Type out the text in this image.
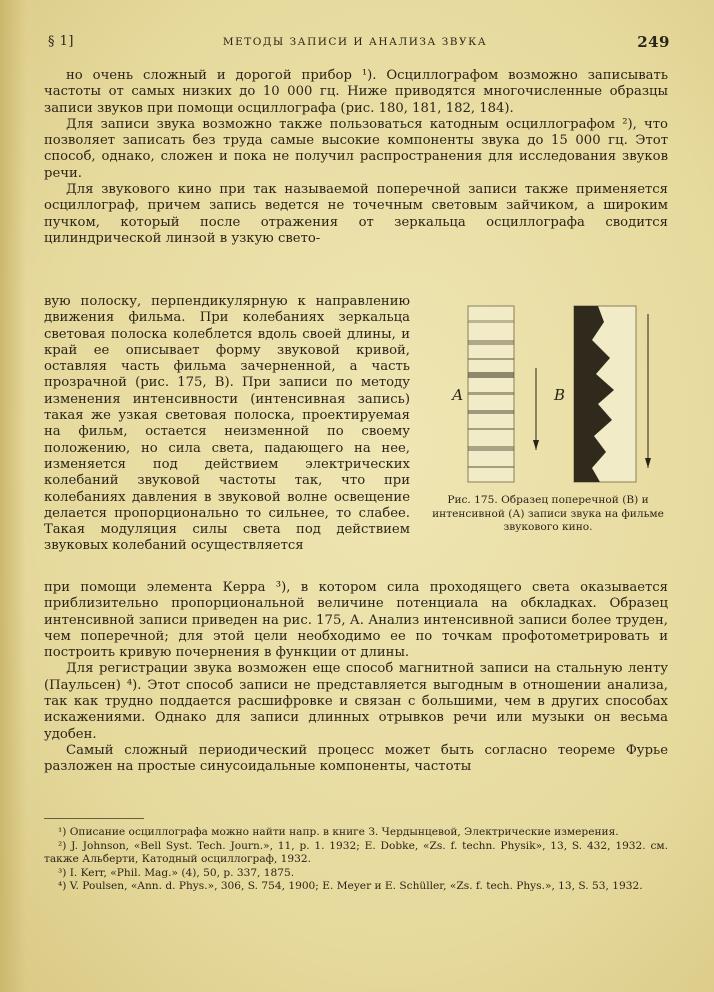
§ 1]	МЕТОДЫ ЗАПИСИ И АНАЛИЗА ЗВУКА	249

но очень сложный и дорогой прибор ¹). Осциллографом возможно записывать частоты от самых низких до 10 000 гц. Ниже приводятся многочисленные образцы записи звуков при помощи осциллографа (рис. 180, 181, 182, 184).

Для записи звука возможно также пользоваться катодным осциллографом ²), что позволяет записать без труда самые высокие компоненты звука до 15 000 гц. Этот способ, однако, сложен и пока не получил распространения для исследования звуков речи.

Для звукового кино при так называемой поперечной записи также применяется осциллограф, причем запись ведется не точечным световым зайчиком, а широким пучком, который после отражения от зеркальца осциллографа сводится цилиндрической линзой в узкую свето-

вую полоску, перпендикулярную к направлению движения фильма. При колебаниях зеркальца световая полоска колеблется вдоль своей длины, и край ее описывает форму звуковой кривой, оставляя часть фильма зачерненной, а часть прозрачной (рис. 175, В). При записи по методу изменения интенсивности (интенсивная запись) такая же узкая световая полоска, проектируемая на фильм, остается неизменной по своему положению, но сила света, падающего на нее, изменяется под действием электрических колебаний звуковой частоты так, что при колебаниях давления в звуковой волне освещение делается пропорционально то сильнее, то слабее. Такая модуляция силы света под действием звуковых колебаний осуществляется

А	В
Рис. 175. Образец поперечной (В) и интенсивной (А) записи звука на фильме звукового кино.

при помощи элемента Керра ³), в котором сила проходящего света оказывается приблизительно пропорциональной величине потенциала на обкладках. Образец интенсивной записи приведен на рис. 175, А. Анализ интенсивной записи более труден, чем поперечной; для этой цели необходимо ее по точкам профотометрировать и построить кривую почернения в функции от длины.

Для регистрации звука возможен еще способ магнитной записи на стальную ленту (Паульсен) ⁴). Этот способ записи не представляется выгодным в отношении анализа, так как трудно поддается расшифровке и связан с большими, чем в других способах искажениями. Однако для записи длинных отрывков речи или музыки он весьма удобен.

Самый сложный периодический процесс может быть согласно теореме Фурье разложен на простые синусоидальные компоненты, частоты

¹) Описание осциллографа можно найти напр. в книге З. Чердынцевой, Электрические измерения.

²) J. Johnson, «Bell Syst. Tech. Journ.», 11, p. 1. 1932; E. Dobke, «Zs. f. techn. Physik», 13, S. 432, 1932. см. также Альберти, Катодный осциллограф, 1932.

³) I. Kerr, «Phil. Mag.» (4), 50, p. 337, 1875.

⁴) V. Poulsen, «Ann. d. Phys.», 306, S. 754, 1900; E. Meyer и E. Schüller, «Zs. f. tech. Phys.», 13, S. 53, 1932.
